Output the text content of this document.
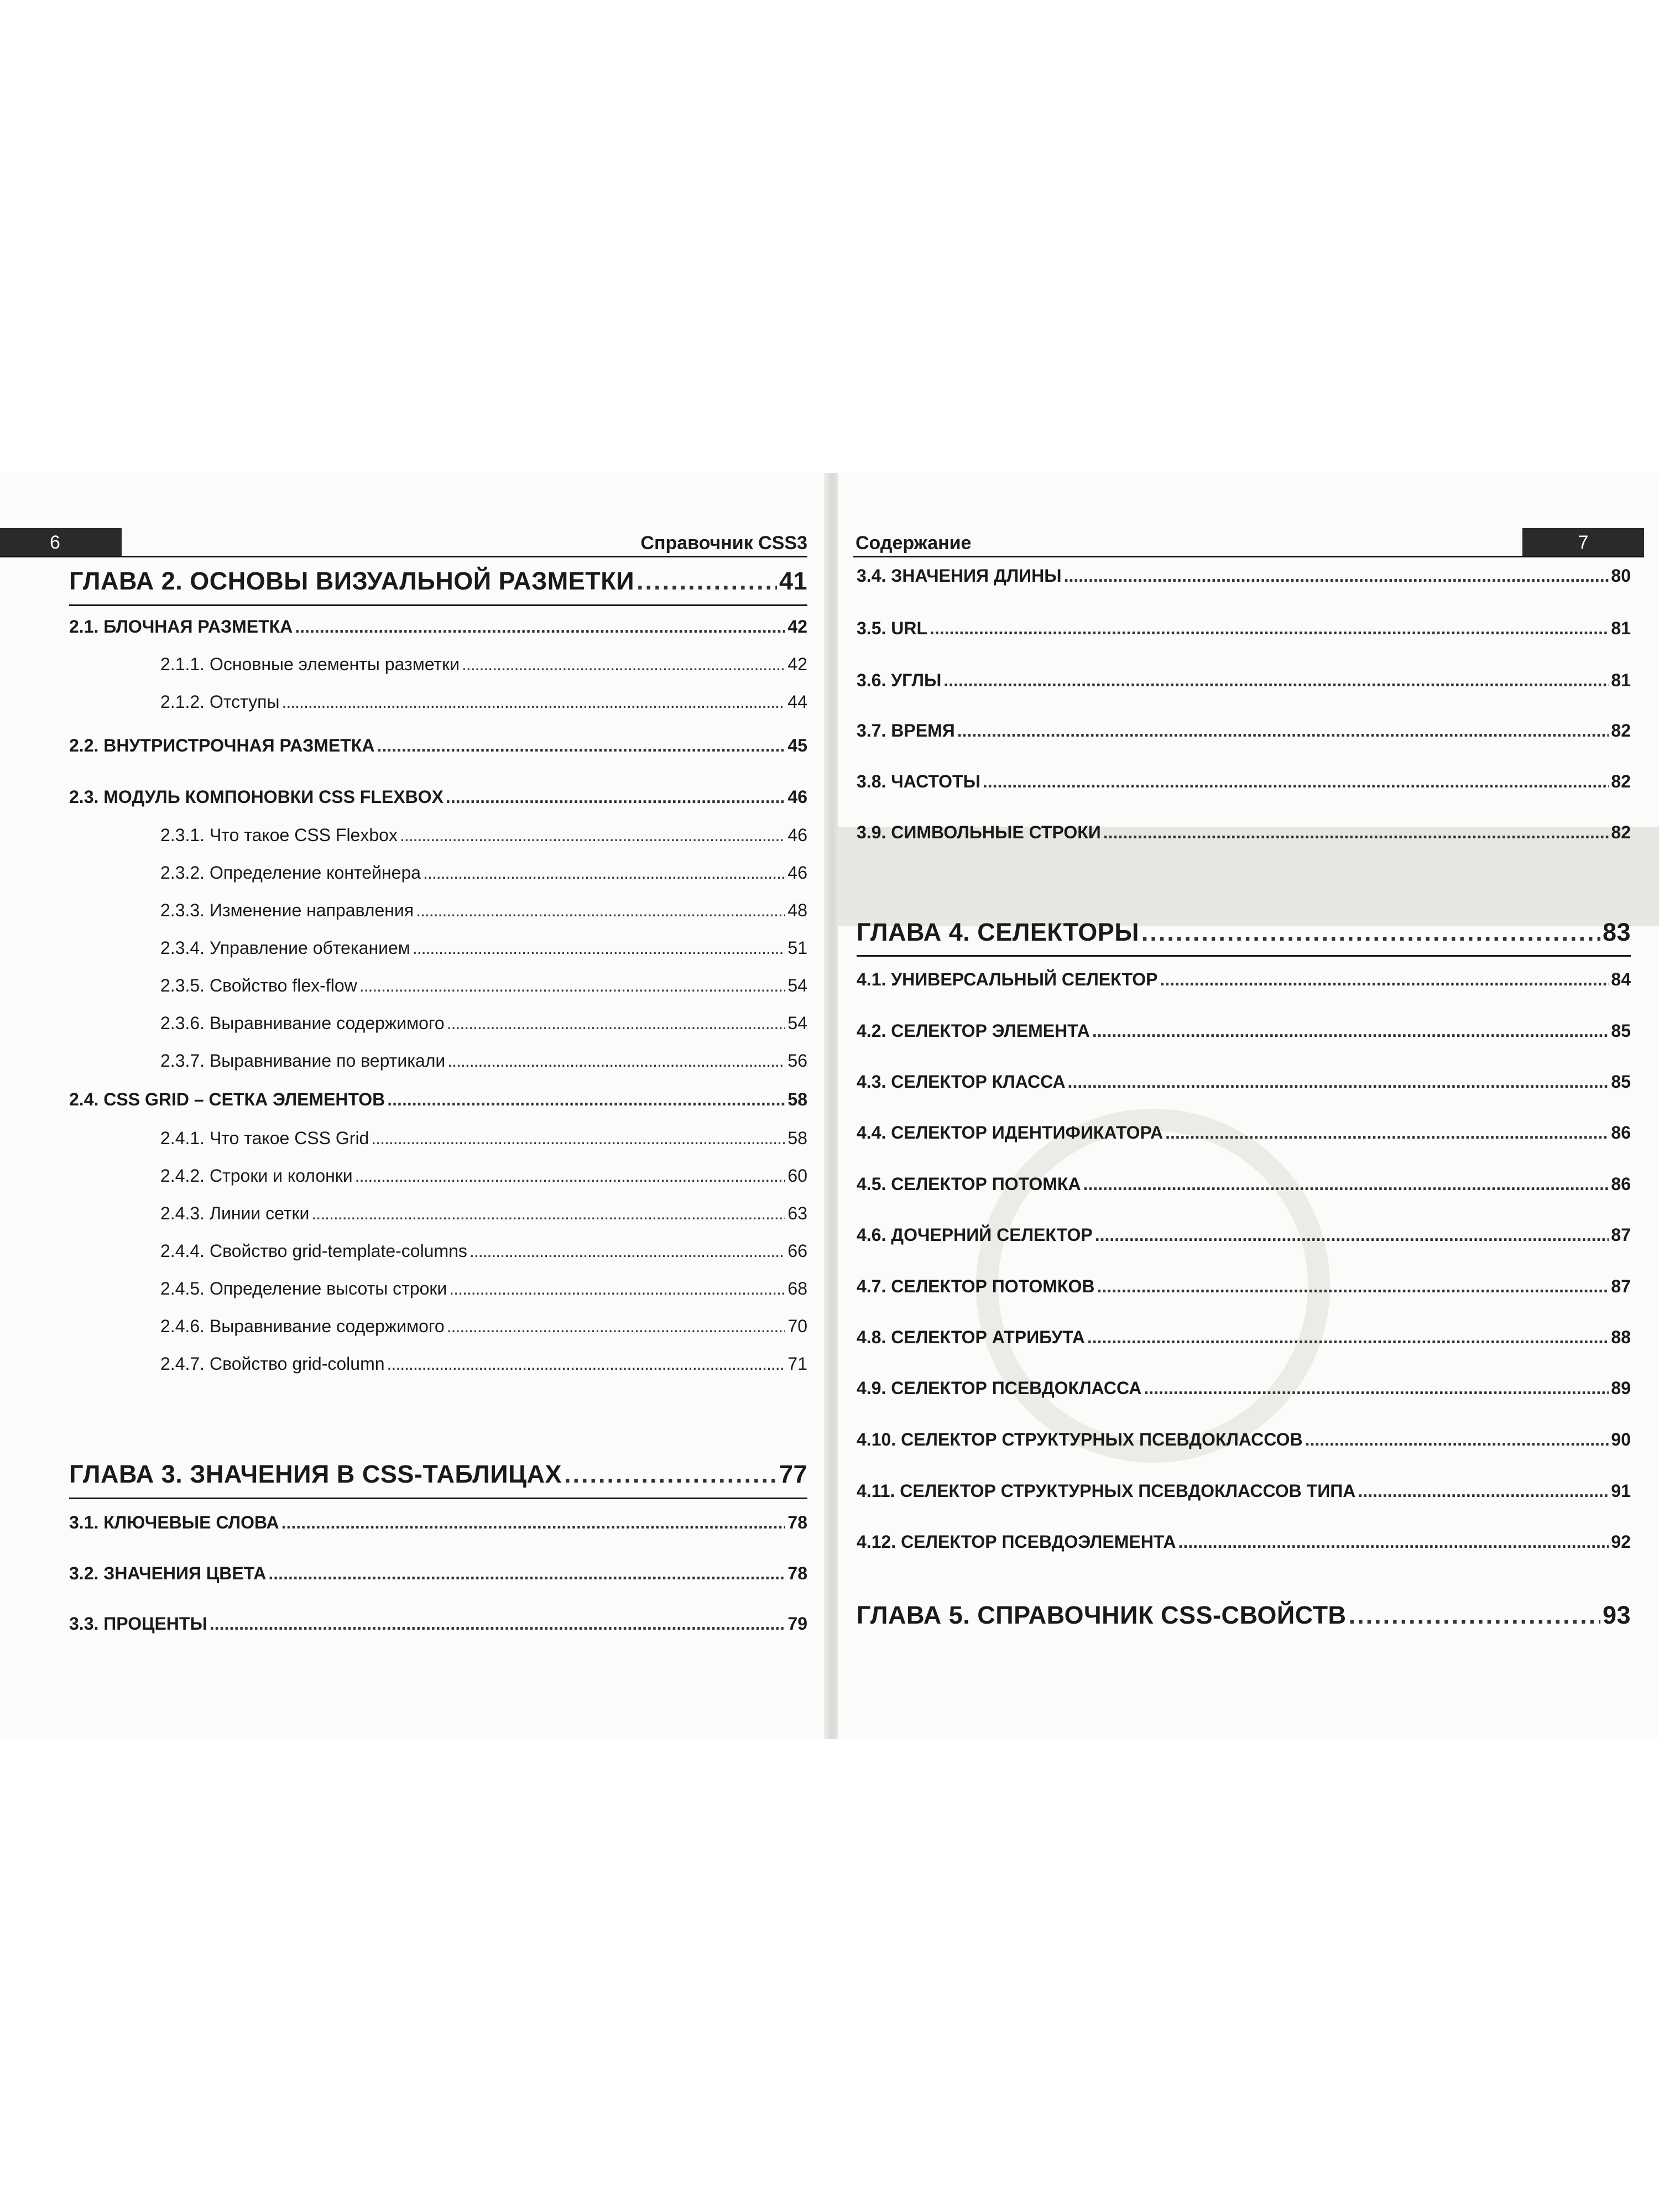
6	Справочник CSS3
ГЛАВА 2. ОСНОВЫ ВИЗУАЛЬНОЙ РАЗМЕТКИ .....	41
2.1. БЛОЧНАЯ РАЗМЕТКА .....	42
2.1.1. Основные элементы разметки .....	42
2.1.2. Отступы .....	44
2.2. ВНУТРИСТРОЧНАЯ РАЗМЕТКА .....	45
2.3. МОДУЛЬ КОМПОНОВКИ CSS FLEXBOX .....	46
2.3.1. Что такое CSS Flexbox .....	46
2.3.2. Определение контейнера .....	46
2.3.3. Изменение направления .....	48
2.3.4. Управление обтеканием .....	51
2.3.5. Свойство flex-flow .....	54
2.3.6. Выравнивание содержимого .....	54
2.3.7. Выравнивание по вертикали .....	56
2.4. CSS GRID – СЕТКА ЭЛЕМЕНТОВ .....	58
2.4.1. Что такое CSS Grid .....	58
2.4.2. Строки и колонки .....	60
2.4.3. Линии сетки .....	63
2.4.4. Свойство grid-template-columns .....	66
2.4.5. Определение высоты строки .....	68
2.4.6. Выравнивание содержимого .....	70
2.4.7. Свойство grid-column .....	71
ГЛАВА 3. ЗНАЧЕНИЯ В CSS-ТАБЛИЦАХ .....	77
3.1. КЛЮЧЕВЫЕ СЛОВА .....	78
3.2. ЗНАЧЕНИЯ ЦВЕТА .....	78
3.3. ПРОЦЕНТЫ .....	79
Содержание	7
3.4. ЗНАЧЕНИЯ ДЛИНЫ .....	80
3.5. URL .....	81
3.6. УГЛЫ .....	81
3.7. ВРЕМЯ .....	82
3.8. ЧАСТОТЫ .....	82
3.9. СИМВОЛЬНЫЕ СТРОКИ .....	82
ГЛАВА 4. СЕЛЕКТОРЫ .....	83
4.1. УНИВЕРСАЛЬНЫЙ СЕЛЕКТОР .....	84
4.2. СЕЛЕКТОР ЭЛЕМЕНТА .....	85
4.3. СЕЛЕКТОР КЛАССА .....	85
4.4. СЕЛЕКТОР ИДЕНТИФИКАТОРА .....	86
4.5. СЕЛЕКТОР ПОТОМКА .....	86
4.6. ДОЧЕРНИЙ СЕЛЕКТОР .....	87
4.7. СЕЛЕКТОР ПОТОМКОВ .....	87
4.8. СЕЛЕКТОР АТРИБУТА .....	88
4.9. СЕЛЕКТОР ПСЕВДОКЛАССА .....	89
4.10. СЕЛЕКТОР СТРУКТУРНЫХ ПСЕВДОКЛАССОВ .....	90
4.11. СЕЛЕКТОР СТРУКТУРНЫХ ПСЕВДОКЛАССОВ ТИПА .....	91
4.12. СЕЛЕКТОР ПСЕВДОЭЛЕМЕНТА .....	92
ГЛАВА 5. СПРАВОЧНИК CSS-СВОЙСТВ .....	93
